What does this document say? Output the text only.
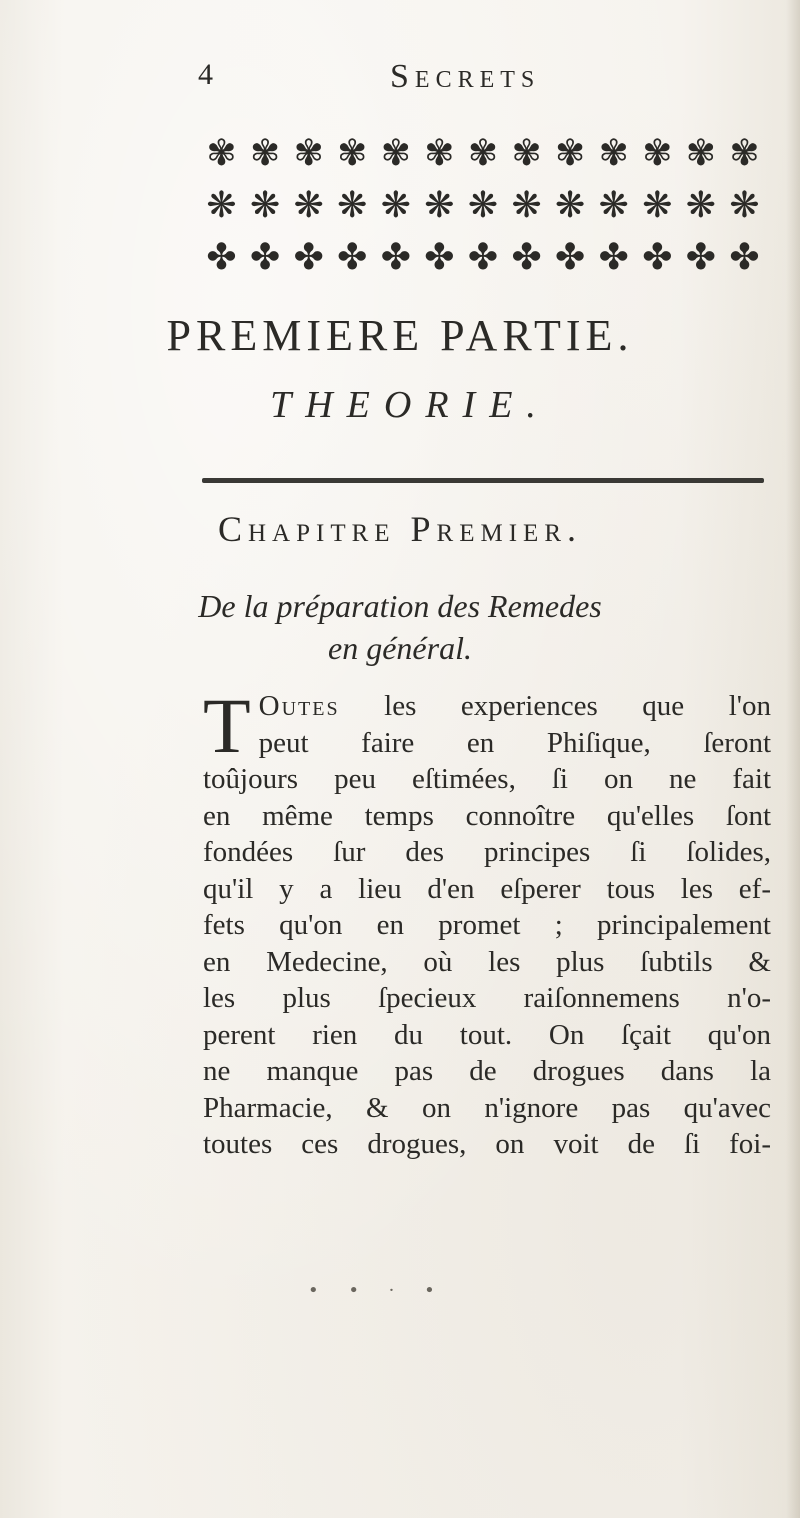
4	Secrets
✾ ✾ ✾ ✾ ✾ ✾ ✾ ✾ ✾ ✾ ✾ ✾ ✾
❋ ❋ ❋ ❋ ❋ ❋ ❋ ❋ ❋ ❋ ❋ ❋ ❋
✤ ✤ ✤ ✤ ✤ ✤ ✤ ✤ ✤ ✤ ✤ ✤ ✤
PREMIERE PARTIE.
THEORIE.
Chapitre Premier.
De la préparation des Remedes
en général.
T Outes les experiences que l'on
peut faire en Phiſique, ſeront
toûjours peu eſtimées, ſi on ne fait
en même temps connoître qu'elles ſont
fondées ſur des principes ſi ſolides,
qu'il y a lieu d'en eſperer tous les ef-
fets qu'on en promet ; principalement
en Medecine, où les plus ſubtils &
les plus ſpecieux raiſonnemens n'o-
perent rien du tout. On ſçait qu'on
ne manque pas de drogues dans la
Pharmacie, & on n'ignore pas qu'avec
toutes ces drogues, on voit de ſi foi-
• • · •
